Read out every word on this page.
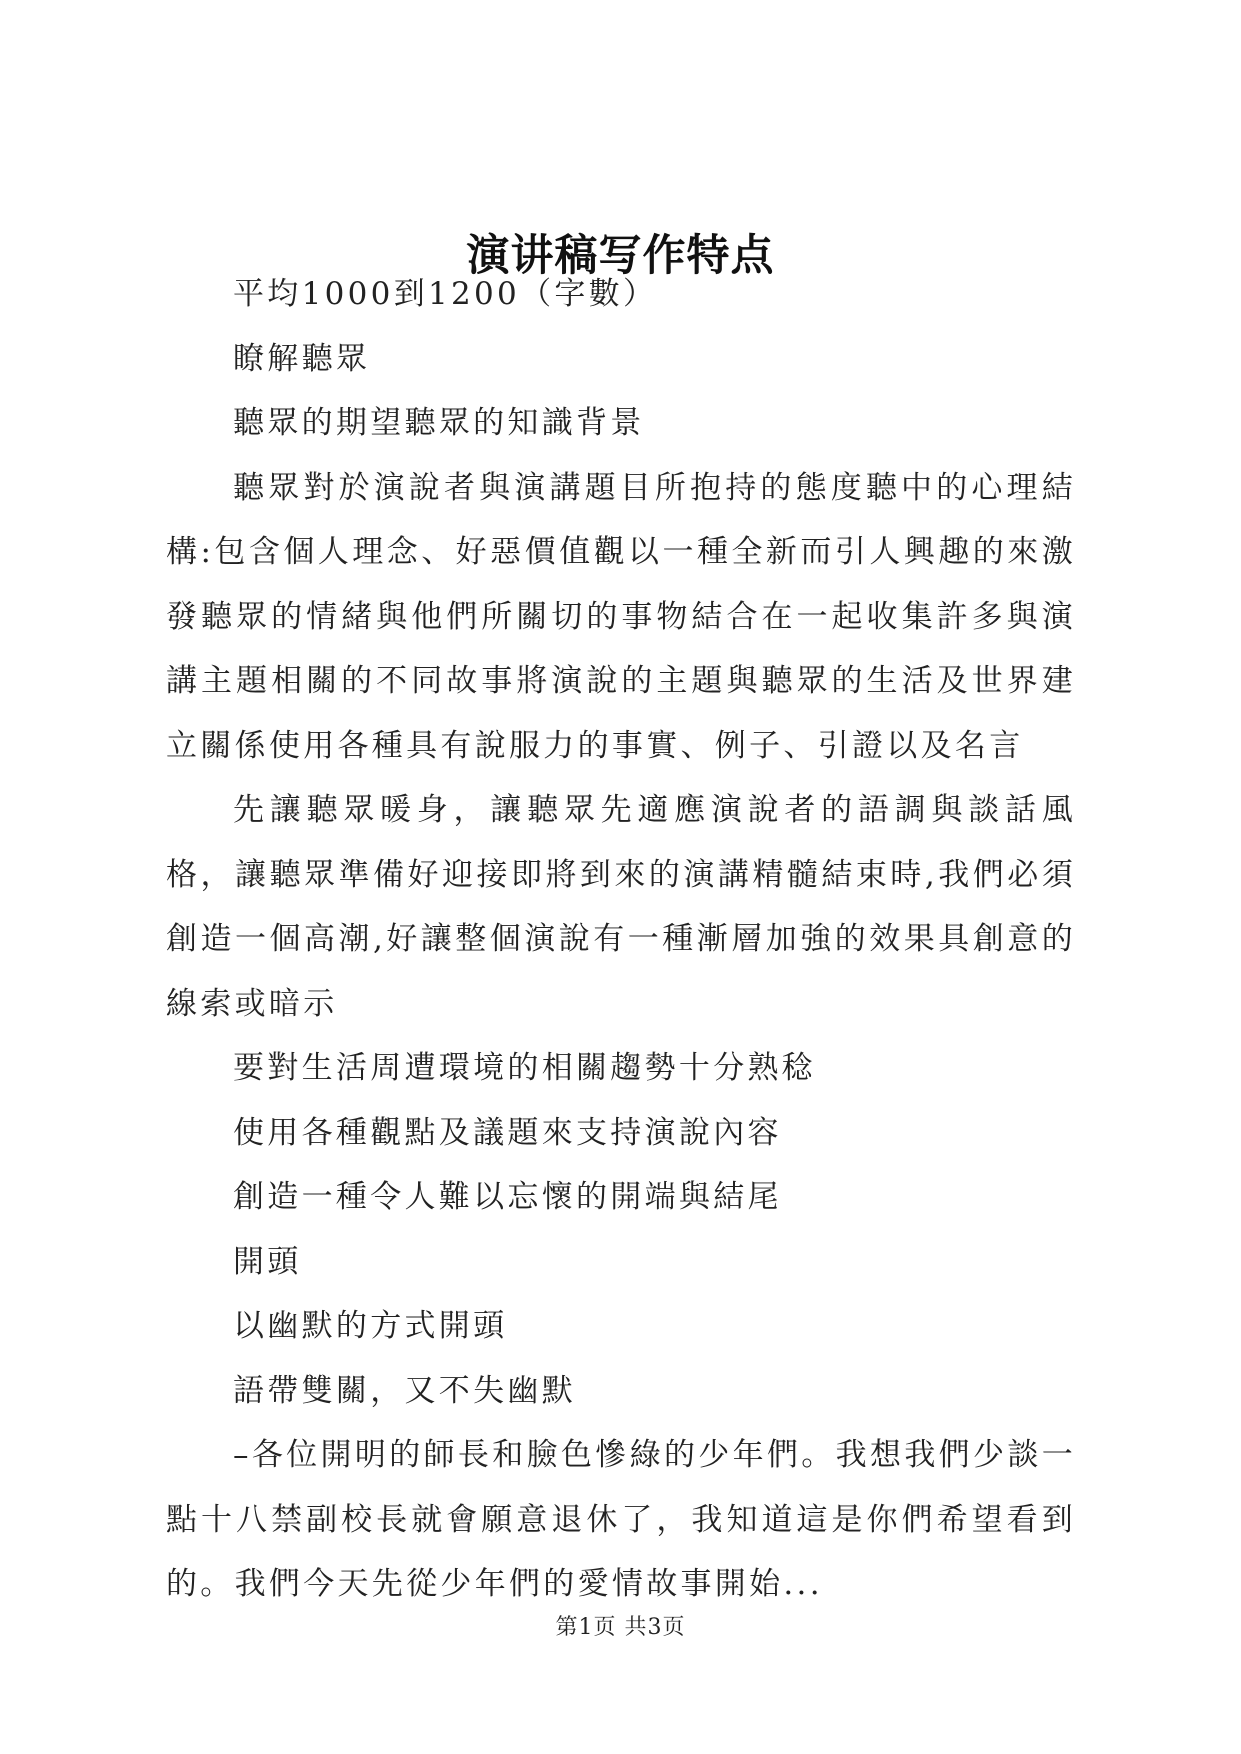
演讲稿写作特点

平均1000到1200（字數）

瞭解聽眾

聽眾的期望聽眾的知識背景

聽眾對於演說者與演講題目所抱持的態度聽中的心理結構:包含個人理念、好惡價值觀以一種全新而引人興趣的來激發聽眾的情緒與他們所關切的事物結合在一起收集許多與演講主題相關的不同故事將演說的主題與聽眾的生活及世界建立關係使用各種具有說服力的事實、例子、引證以及名言

先讓聽眾暖身，讓聽眾先適應演說者的語調與談話風格，讓聽眾準備好迎接即將到來的演講精髓結束時,我們必須創造一個高潮,好讓整個演說有一種漸層加強的效果具創意的線索或暗示

要對生活周遭環境的相關趨勢十分熟稔

使用各種觀點及議題來支持演說內容

創造一種令人難以忘懷的開端與結尾

開頭

以幽默的方式開頭

語帶雙關，又不失幽默

–各位開明的師長和臉色慘綠的少年們。我想我們少談一點十八禁副校長就會願意退休了，我知道這是你們希望看到的。我們今天先從少年們的愛情故事開始...

第1页 共3页
